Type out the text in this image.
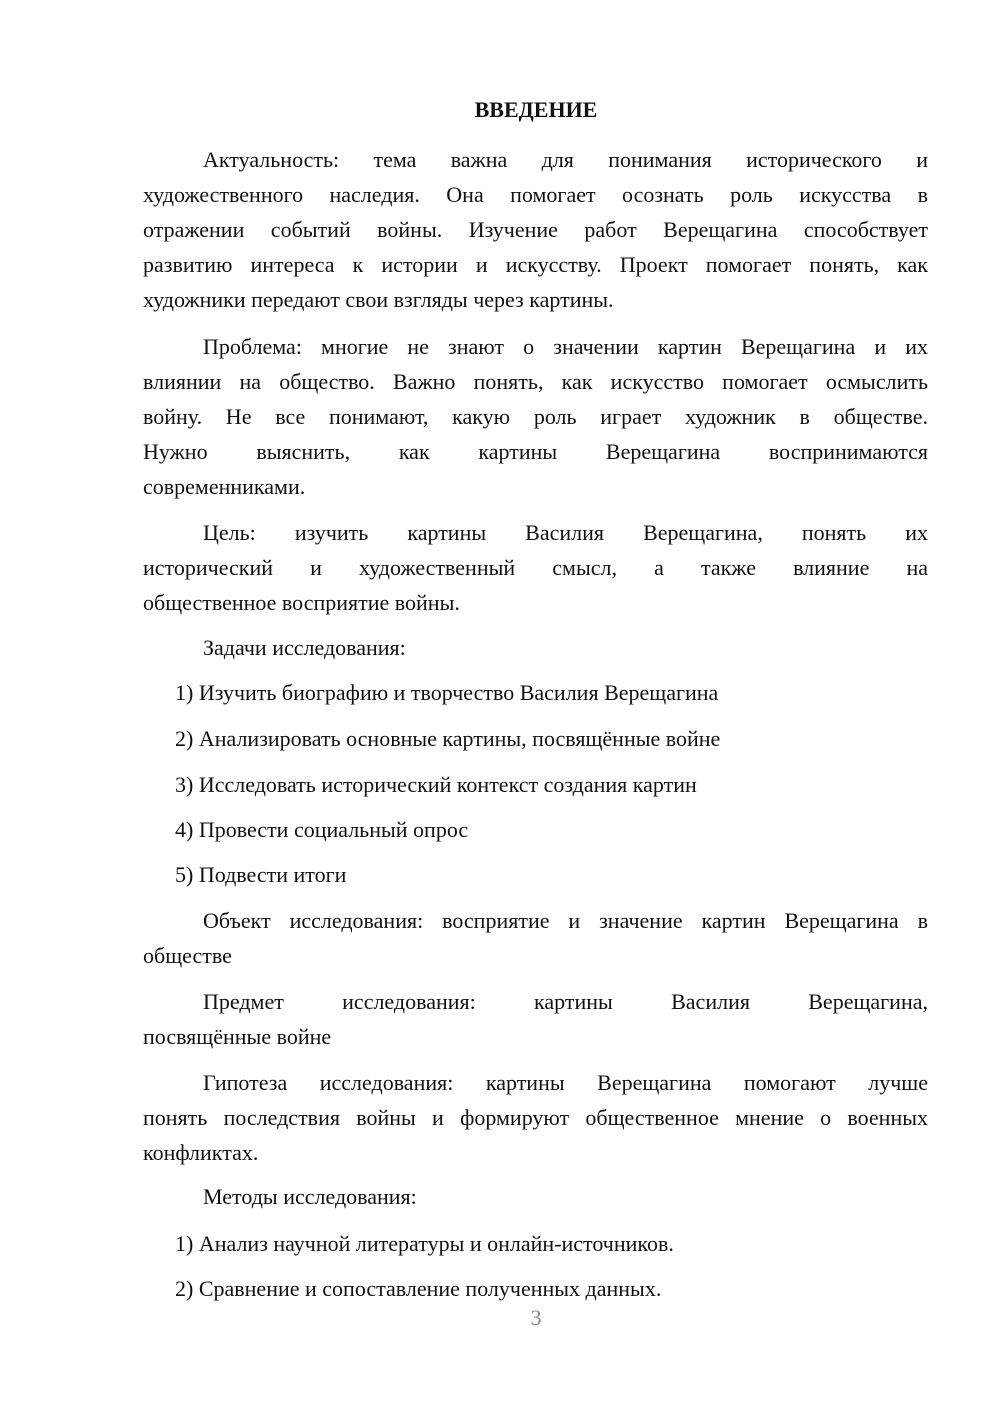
ВВЕДЕНИЕ
Актуальность: тема важна для понимания исторического и
художественного наследия. Она помогает осознать роль искусства в
отражении событий войны. Изучение работ Верещагина способствует
развитию интереса к истории и искусству. Проект помогает понять, как
художники передают свои взгляды через картины.
Проблема: многие не знают о значении картин Верещагина и их
влиянии на общество. Важно понять, как искусство помогает осмыслить
войну. Не все понимают, какую роль играет художник в обществе.
Нужно выяснить, как картины Верещагина воспринимаются
современниками.
Цель: изучить картины Василия Верещагина, понять их
исторический и художественный смысл, а также влияние на
общественное восприятие войны.
Задачи исследования:
1) Изучить биографию и творчество Василия Верещагина
2) Анализировать основные картины, посвящённые войне
3) Исследовать исторический контекст создания картин
4) Провести социальный опрос
5) Подвести итоги
Объект исследования: восприятие и значение картин Верещагина в
обществе
Предмет исследования: картины Василия Верещагина,
посвящённые войне
Гипотеза исследования: картины Верещагина помогают лучше
понять последствия войны и формируют общественное мнение о военных
конфликтах.
Методы исследования:
1) Анализ научной литературы и онлайн-источников.
2) Сравнение и сопоставление полученных данных.
3
